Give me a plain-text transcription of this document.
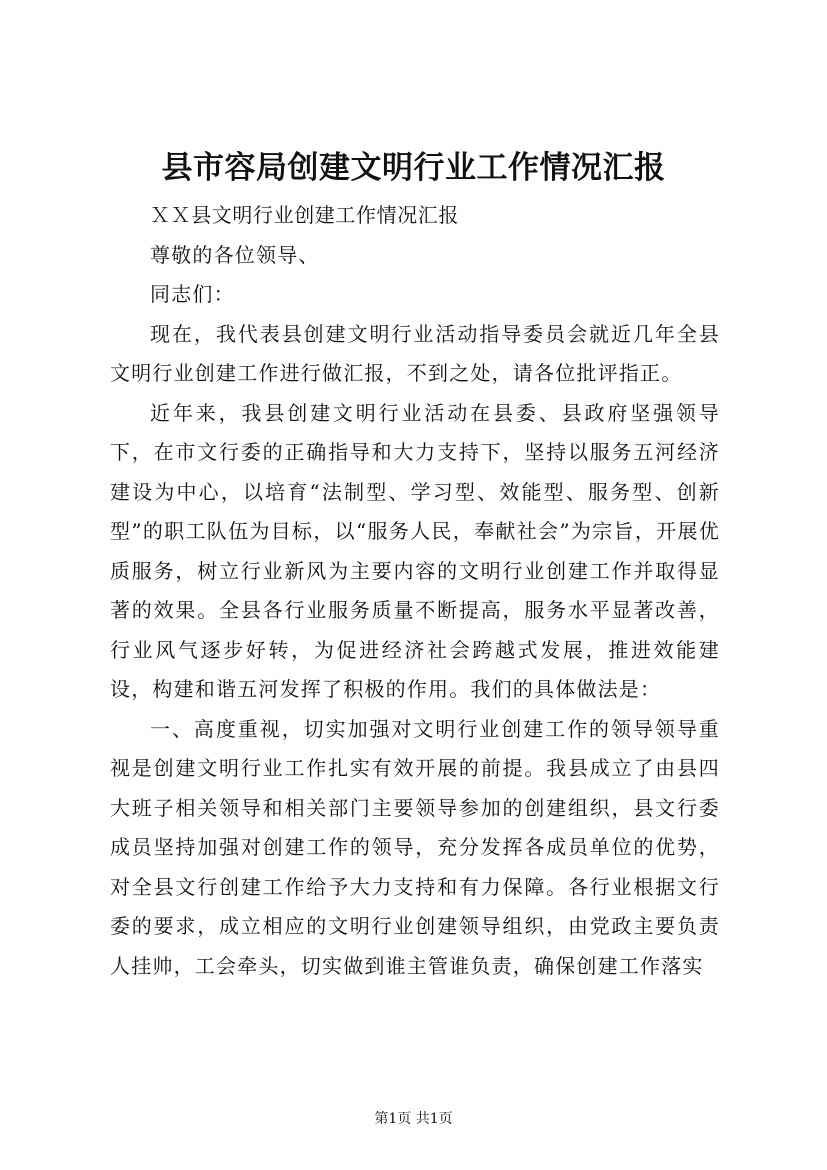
县市容局创建文明行业工作情况汇报

ＸＸ县文明行业创建工作情况汇报

尊敬的各位领导、

同志们：

现在，我代表县创建文明行业活动指导委员会就近几年全县文明行业创建工作进行做汇报，不到之处，请各位批评指正。

近年来，我县创建文明行业活动在县委、县政府坚强领导下，在市文行委的正确指导和大力支持下，坚持以服务五河经济建设为中心，以培育“法制型、学习型、效能型、服务型、创新型”的职工队伍为目标，以“服务人民，奉献社会”为宗旨，开展优质服务，树立行业新风为主要内容的文明行业创建工作并取得显著的效果。全县各行业服务质量不断提高，服务水平显著改善，行业风气逐步好转，为促进经济社会跨越式发展，推进效能建设，构建和谐五河发挥了积极的作用。我们的具体做法是：

一、高度重视，切实加强对文明行业创建工作的领导领导重视是创建文明行业工作扎实有效开展的前提。我县成立了由县四大班子相关领导和相关部门主要领导参加的创建组织，县文行委成员坚持加强对创建工作的领导，充分发挥各成员单位的优势，对全县文行创建工作给予大力支持和有力保障。各行业根据文行委的要求，成立相应的文明行业创建领导组织，由党政主要负责人挂帅，工会牵头，切实做到谁主管谁负责，确保创建工作落实

第1页 共1页
